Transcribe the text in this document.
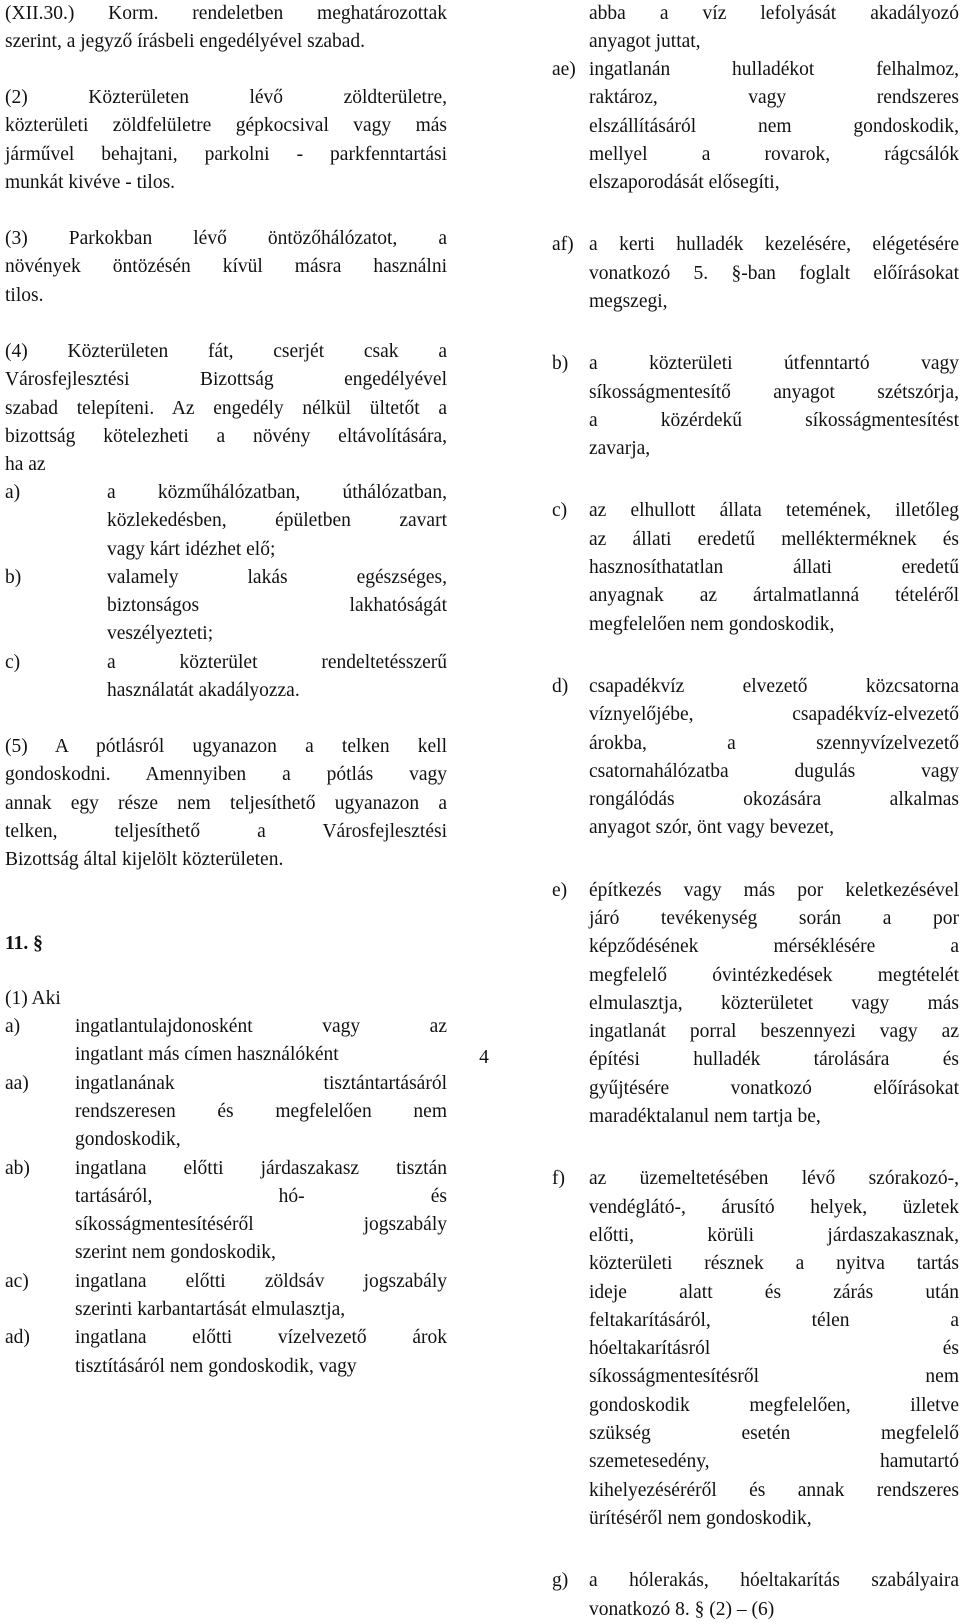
(XII.30.) Korm. rendeletben meghatározottak
szerint, a jegyző írásbeli engedélyével szabad.
(2) Közterületen lévő zöldterületre,
közterületi zöldfelületre gépkocsival vagy más
járművel behajtani, parkolni - parkfenntartási
munkát kivéve - tilos.
(3) Parkokban lévő öntözőhálózatot, a
növények öntözésén kívül másra használni
tilos.
(4) Közterületen fát, cserjét csak a
Városfejlesztési Bizottság engedélyével
szabad telepíteni. Az engedély nélkül ültetőt a
bizottság kötelezheti a növény eltávolítására,
ha az
a)	a közműhálózatban, úthálózatban,
közlekedésben, épületben zavart
vagy kárt idézhet elő;
b)	valamely lakás egészséges,
biztonságos lakhatóságát
veszélyezteti;
c)	a közterület rendeltetésszerű
használatát akadályozza.
(5) A pótlásról ugyanazon a telken kell
gondoskodni. Amennyiben a pótlás vagy
annak egy része nem teljesíthető ugyanazon a
telken, teljesíthető a Városfejlesztési
Bizottság által kijelölt közterületen.
11. §
(1) Aki
a)	ingatlantulajdonosként vagy az
ingatlant más címen használóként
aa) ingatlanának tisztántartásáról
rendszeresen és megfelelően nem
gondoskodik,
ab) ingatlana előtti járdaszakasz tisztán
tartásáról, hó- és
síkosságmentesítéséről jogszabály
szerint nem gondoskodik,
ac) ingatlana előtti zöldsáv jogszabály
szerinti karbantartását elmulasztja,
ad) ingatlana előtti vízelvezető árok
tisztításáról nem gondoskodik, vagy
abba a víz lefolyását akadályozó
anyagot juttat,
ae) ingatlanán hulladékot felhalmoz,
raktároz, vagy rendszeres
elszállításáról nem gondoskodik,
mellyel a rovarok, rágcsálók
elszaporodását elősegíti,
af) a kerti hulladék kezelésére, elégetésére
vonatkozó 5. §-ban foglalt előírásokat
megszegi,
b) a közterületi útfenntartó vagy
síkosságmentesítő anyagot szétszórja,
a közérdekű síkosságmentesítést
zavarja,
c) az elhullott állata tetemének, illetőleg
az állati eredetű mellékterméknek és
hasznosíthatatlan állati eredetű
anyagnak az ártalmatlanná tételéről
megfelelően nem gondoskodik,
d) csapadékvíz elvezető közcsatorna
víznyelőjébe, csapadékvíz-elvezető
árokba, a szennyvízelvezető
csatornahálózatba dugulás vagy
rongálódás okozására alkalmas
anyagot szór, önt vagy bevezet,
e) építkezés vagy más por keletkezésével
járó tevékenység során a por
képződésének mérséklésére a
megfelelő óvintézkedések megtételét
elmulasztja, közterületet vagy más
ingatlanát porral beszennyezi vagy az
építési hulladék tárolására és
gyűjtésére vonatkozó előírásokat
maradéktalanul nem tartja be,
f) az üzemeltetésében lévő szórakozó-,
vendéglátó-, árusító helyek, üzletek
előtti, körüli járdaszakasznak,
közterületi résznek a nyitva tartás
ideje alatt és zárás után
feltakarításáról, télen a
hóeltakarításról és
síkosságmentesítésről nem
gondoskodik megfelelően, illetve
szükség esetén megfelelő
szemetesedény, hamutartó
kihelyezéséréről és annak rendszeres
ürítéséről nem gondoskodik,
g) a hólerakás, hóeltakarítás szabályaira
vonatkozó 8. § (2) – (6)
4
